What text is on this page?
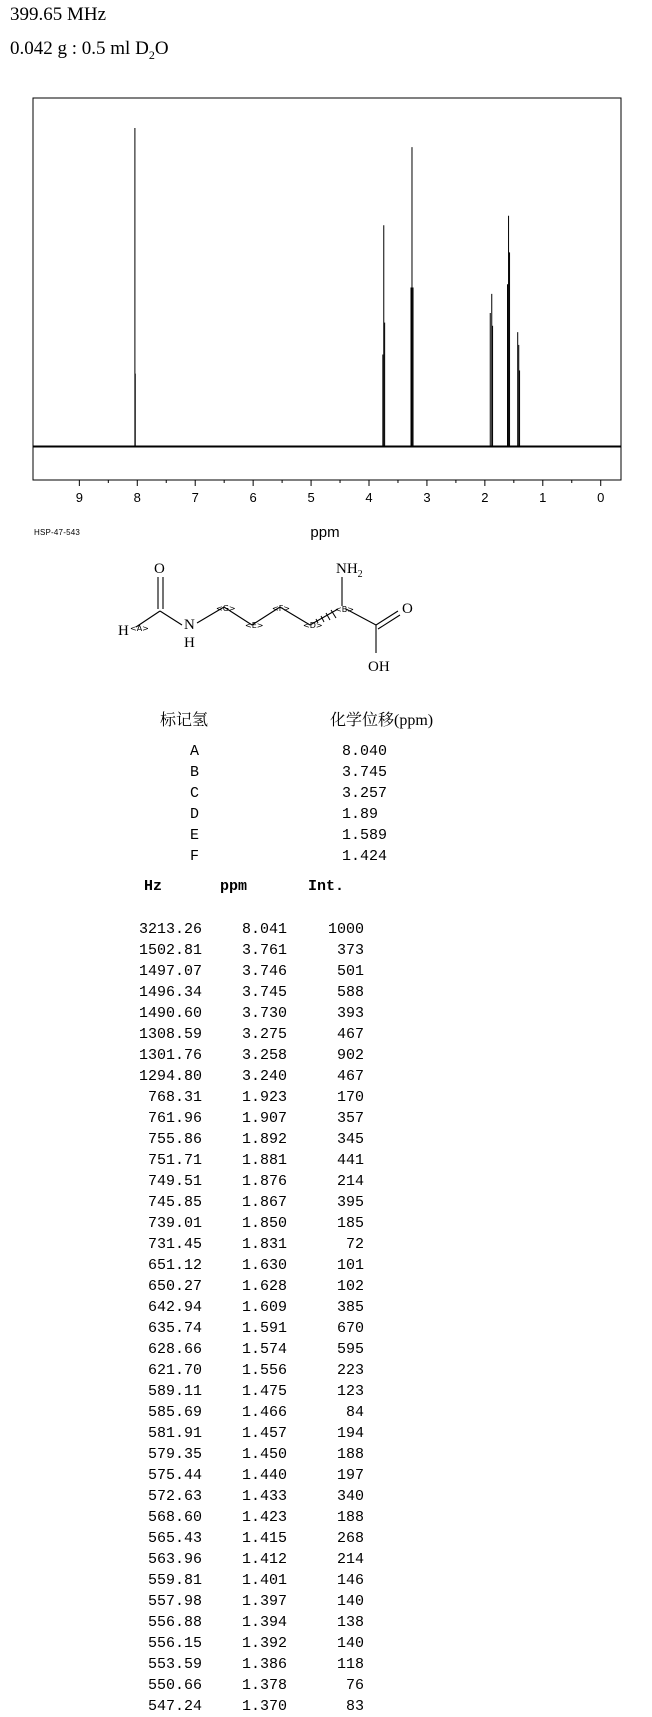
399.65 MHz
0.042 g : 0.5 ml $D_2O$
9	8	7	6	5	4	3	2	1	0
ppm
HSP-47-543
O
H	N
H
$NH_2$
O
OH
<A>
<G>
<E>
<F>
<D>
<B>
标记氢	化学位移(ppm)
A	8.040
B	3.745
C	3.257
D	1.89
E	1.589
F	1.424
Hz	ppm	Int.
3213.26	8.041	1000
1502.81	3.761	373
1497.07	3.746	501
1496.34	3.745	588
1490.60	3.730	393
1308.59	3.275	467
1301.76	3.258	902
1294.80	3.240	467
768.31	1.923	170
761.96	1.907	357
755.86	1.892	345
751.71	1.881	441
749.51	1.876	214
745.85	1.867	395
739.01	1.850	185
731.45	1.831	72
651.12	1.630	101
650.27	1.628	102
642.94	1.609	385
635.74	1.591	670
628.66	1.574	595
621.70	1.556	223
589.11	1.475	123
585.69	1.466	84
581.91	1.457	194
579.35	1.450	188
575.44	1.440	197
572.63	1.433	340
568.60	1.423	188
565.43	1.415	268
563.96	1.412	214
559.81	1.401	146
557.98	1.397	140
556.88	1.394	138
556.15	1.392	140
553.59	1.386	118
550.66	1.378	76
547.24	1.370	83
